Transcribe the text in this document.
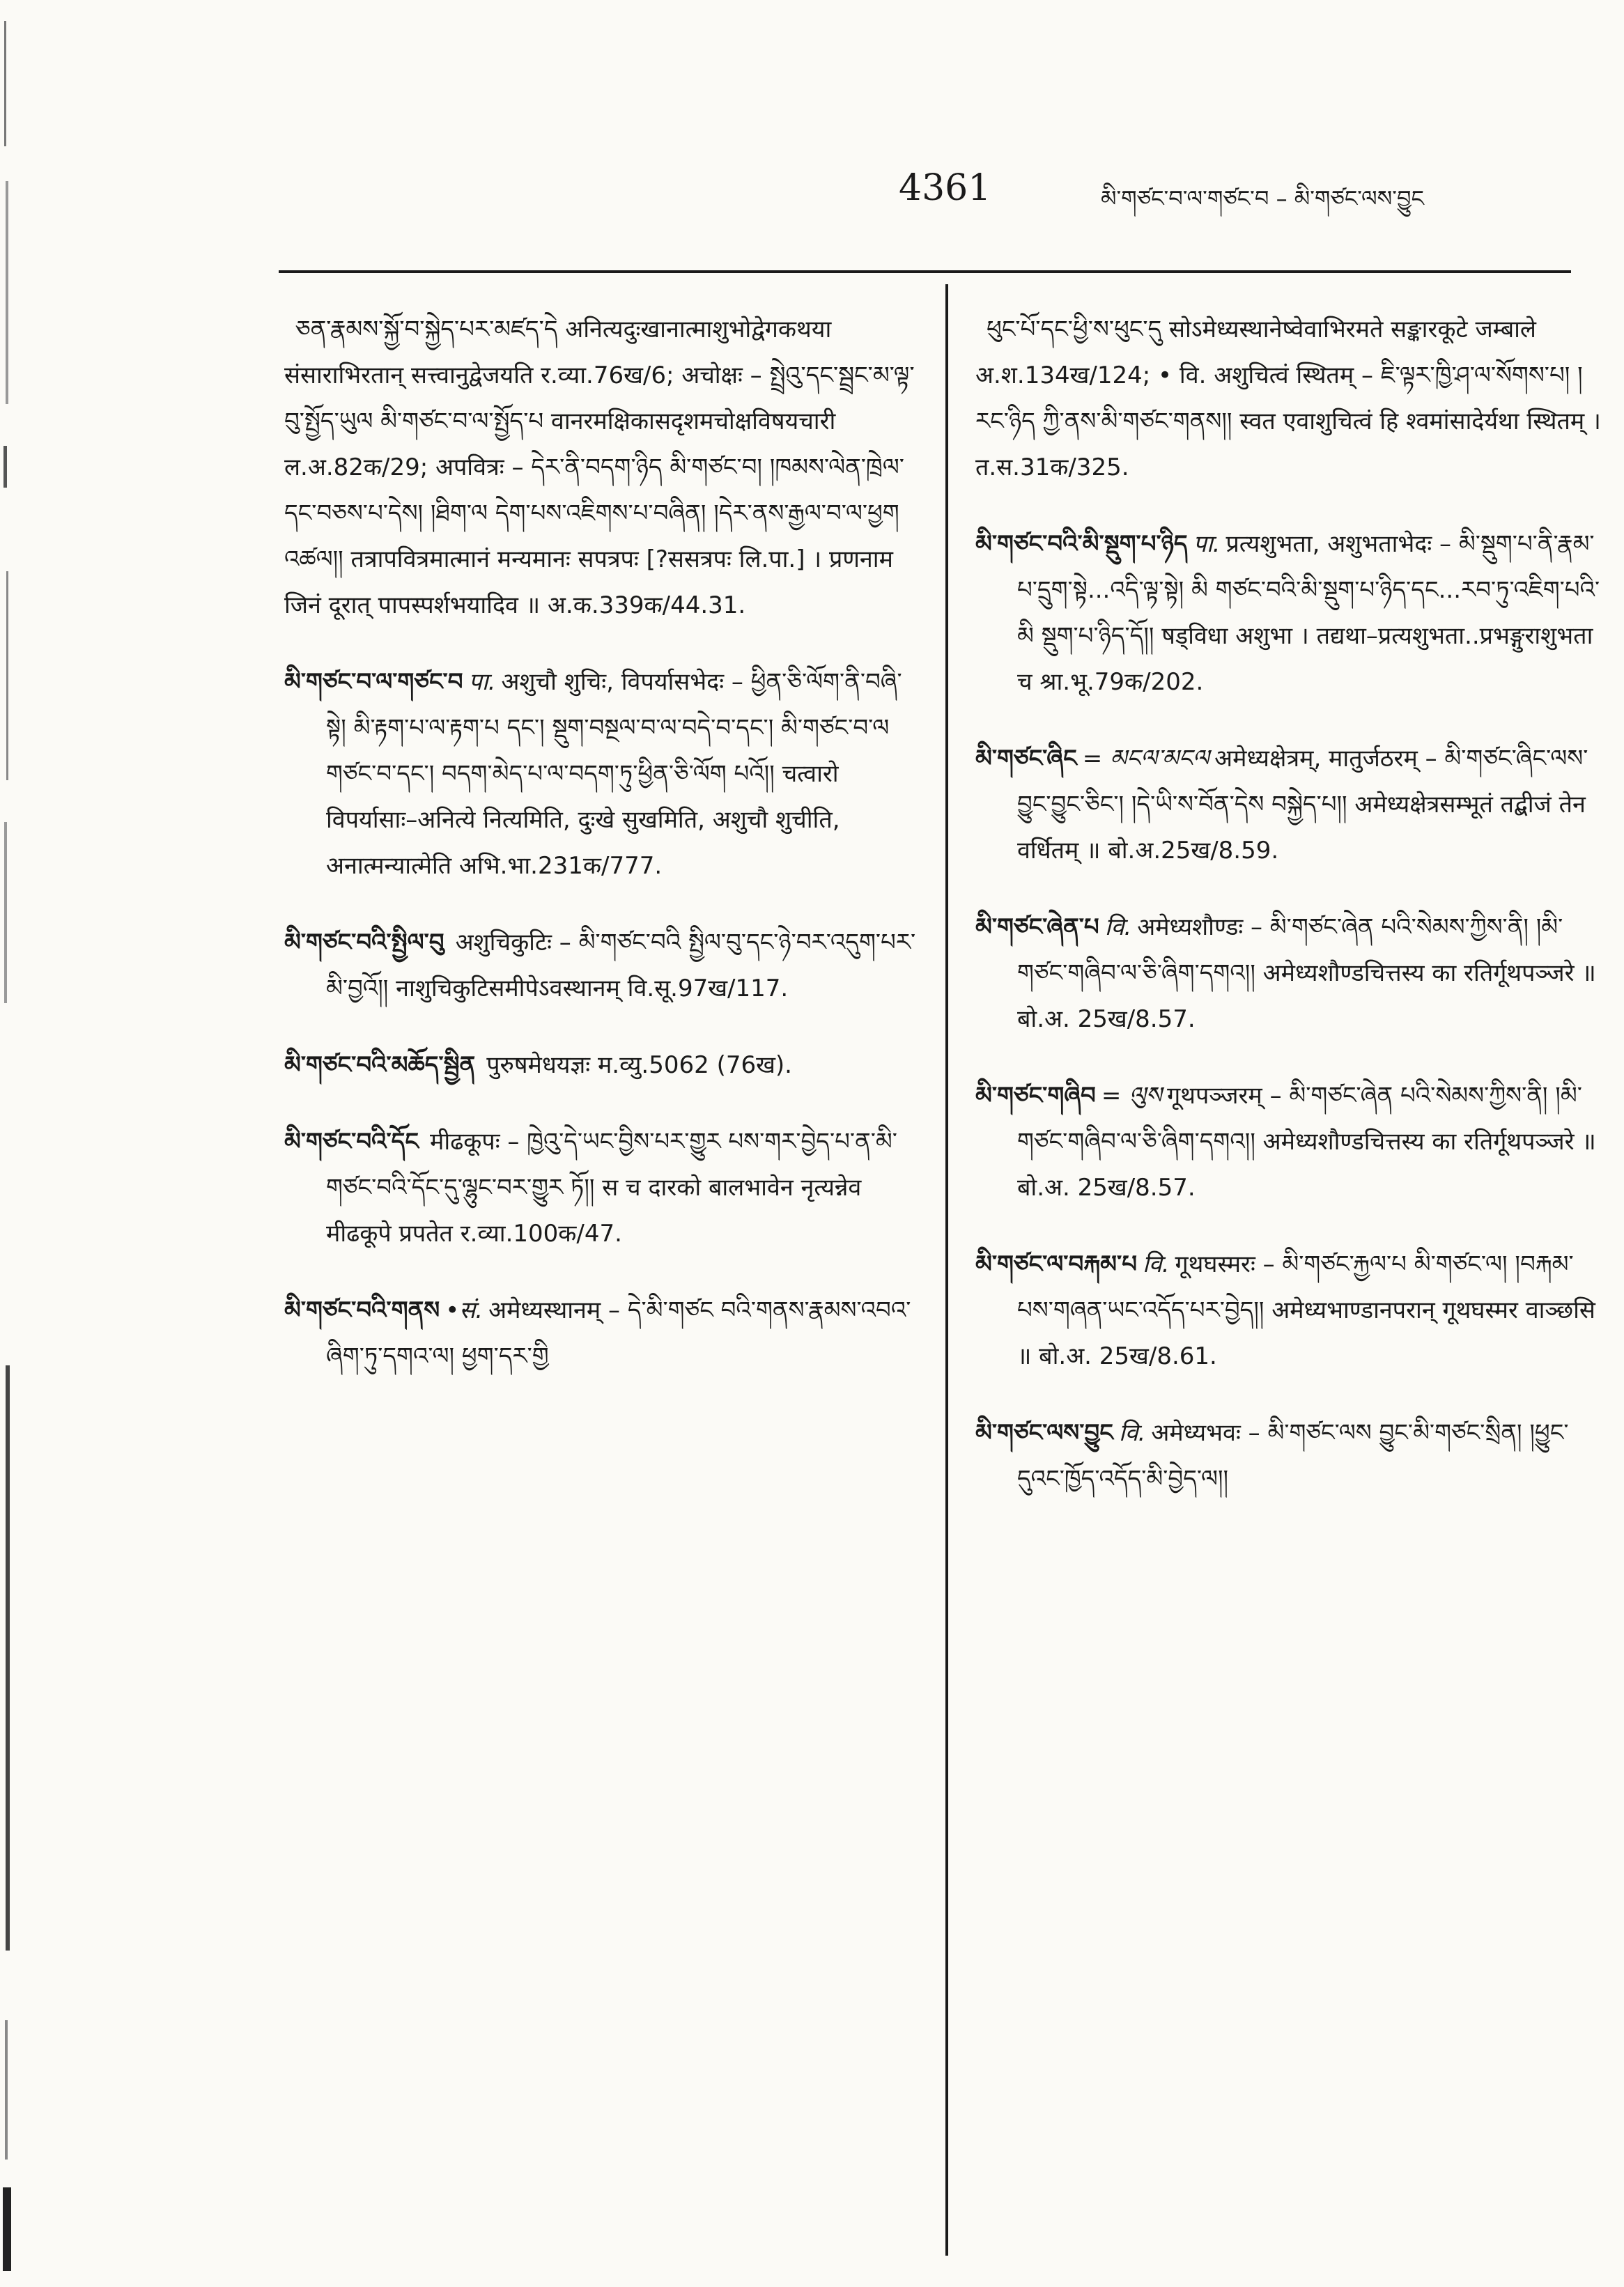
4361	མི་གཙང་བ་ལ་གཙང་བ – མི་གཙང་ལས་བྱུང

ཅན་རྣམས་སྐྱོ་བ་སྐྱེད་པར་མཛད་དེ अनित्यदुःखानात्माशुभोद्वेगकथया संसाराभिरतान् सत्त्वानुद्वेजयति र.व्या.76ख/6; अचोक्षः – སྤྲེའུ་དང་སྦྲང་མ་ལྟ་བུ་སྤྱོད་ཡུལ མི་གཙང་བ་ལ་སྤྱོད་པ वानरमक्षिकासदृशमचोक्षविषयचारी ल.अ.82क/29; अपवित्रः – དེར་ནི་བདག་ཉིད མི་གཙང་བ། །ཁམས་ལེན་ཁྲེལ་དང་བཅས་པ་དེས། །ཐིག་ལ དེག་པས་འཇིགས་པ་བཞིན། །དེར་ནས་རྒྱལ་བ་ལ་ཕྱག འཚལ།། तत्रापवित्रमात्मानं मन्यमानः सपत्रपः [?ससत्रपः लि.पा.] । प्रणनाम जिनं दूरात् पापस्पर्शभयादिव ॥ अ.क.339क/44.31.

མི་གཙང་བ་ལ་གཙང་བ पा. अशुचौ शुचिः, विपर्यासभेदः – ཕྱིན་ཅི་ལོག་ནི་བཞི་སྟེ། མི་རྟག་པ་ལ་རྟག་པ དང་། སྡུག་བསྔལ་བ་ལ་བདེ་བ་དང་། མི་གཙང་བ་ལ གཙང་བ་དང་། བདག་མེད་པ་ལ་བདག་ཏུ་ཕྱིན་ཅི་ལོག པའོ།། चत्वारो विपर्यासाः–अनित्ये नित्यमिति, दुःखे सुखमिति, अशुचौ शुचीति, अनात्मन्यात्मेति अभि.भा.231क/777.

མི་གཙང་བའི་སྤྱིལ་བུ अशुचिकुटिः – མི་གཙང་བའི སྤྱིལ་བུ་དང་ཉེ་བར་འདུག་པར་མི་བྱའོ།། नाशुचिकुटिसमीपेऽवस्थानम् वि.सू.97ख/117.

མི་གཙང་བའི་མཆོད་སྦྱིན पुरुषमेधयज्ञः म.व्यु.5062 (76ख).

མི་གཙང་བའི་དོང मीढकूपः – ཁྱེའུ་དེ་ཡང་བྱིས་པར་གྱུར པས་གར་བྱེད་པ་ན་མི་གཙང་བའི་དོང་དུ་ལྷུང་བར་གྱུར ཏོ།། स च दारको बालभावेन नृत्यन्नेव मीढकूपे प्रपतेत र.व्या.100क/47.

མི་གཙང་བའི་གནས •सं. अमेध्यस्थानम् – དེ་མི་གཙང བའི་གནས་རྣམས་འབའ་ཞིག་ཏུ་དགའ་ལ། ཕྱག་དར་གྱི

ཕུང་པོ་དང་ཕྱི་ས་ཕུང་དུ सोऽमेध्यस्थानेष्वेवाभिरमते सङ्कारकूटे जम्बाले अ.श.134ख/124; • वि. अशुचित्वं स्थितम् – ཇི་ལྟར་ཁྱི་ཤ་ལ་སོགས་པ། །རང་ཉིད ཀྱི་ནས་མི་གཙང་གནས།། स्वत एवाशुचित्वं हि श्वमांसादेर्यथा स्थितम् । त.स.31क/325.

མི་གཙང་བའི་མི་སྡུག་པ་ཉིད पा. प्रत्यशुभता, अशुभताभेदः – མི་སྡུག་པ་ནི་རྣམ་པ་དྲུག་སྟེ...འདི་ལྟ་སྟེ། མི གཙང་བའི་མི་སྡུག་པ་ཉིད་དང...རབ་ཏུ་འཇིག་པའི་མི སྡུག་པ་ཉིད་དོ།། षड्विधा अशुभा । तद्यथा–प्रत्यशुभता..प्रभङ्गुराशुभता च श्रा.भू.79क/202.

མི་གཙང་ཞིང = མངལ་མངལ अमेध्यक्षेत्रम्, मातुर्जठरम् – མི་གཙང་ཞིང་ལས་བྱུང་བྱུང་ཅིང་། །དེ་ཡི་ས་བོན་དེས བསྐྱེད་པ།། अमेध्यक्षेत्रसम्भूतं तद्बीजं तेन वर्धितम् ॥ बो.अ.25ख/8.59.

མི་གཙང་ཞེན་པ वि. अमेध्यशौण्डः – མི་གཙང་ཞེན པའི་སེམས་ཀྱིས་ནི། །མི་གཙང་གཞིབ་ལ་ཅི་ཞིག་དགའ།། अमेध्यशौण्डचित्तस्य का रतिर्गूथपञ्जरे ॥ बो.अ. 25ख/8.57.

མི་གཙང་གཞིབ = ལུས गूथपञ्जरम् – མི་གཙང་ཞེན པའི་སེམས་ཀྱིས་ནི། །མི་གཙང་གཞིབ་ལ་ཅི་ཞིག་དགའ།། अमेध्यशौण्डचित्तस्य का रतिर्गूथपञ्जरे ॥ बो.अ. 25ख/8.57.

མི་གཙང་ལ་བརྐམ་པ वि. गूथघस्मरः – མི་གཙང་རྐྱལ་པ མི་གཙང་ལ། །བརྐམ་པས་གཞན་ཡང་འདོད་པར་བྱེད།། अमेध्यभाण्डानपरान् गूथघस्मर वाञ्छसि ॥ बो.अ. 25ख/8.61.

མི་གཙང་ལས་བྱུང वि. अमेध्यभवः – མི་གཙང་ལས བྱུང་མི་གཙང་སྲིན། །ཕྱུང་དུའང་ཁྱོད་འདོད་མི་བྱེད་ལ།།
